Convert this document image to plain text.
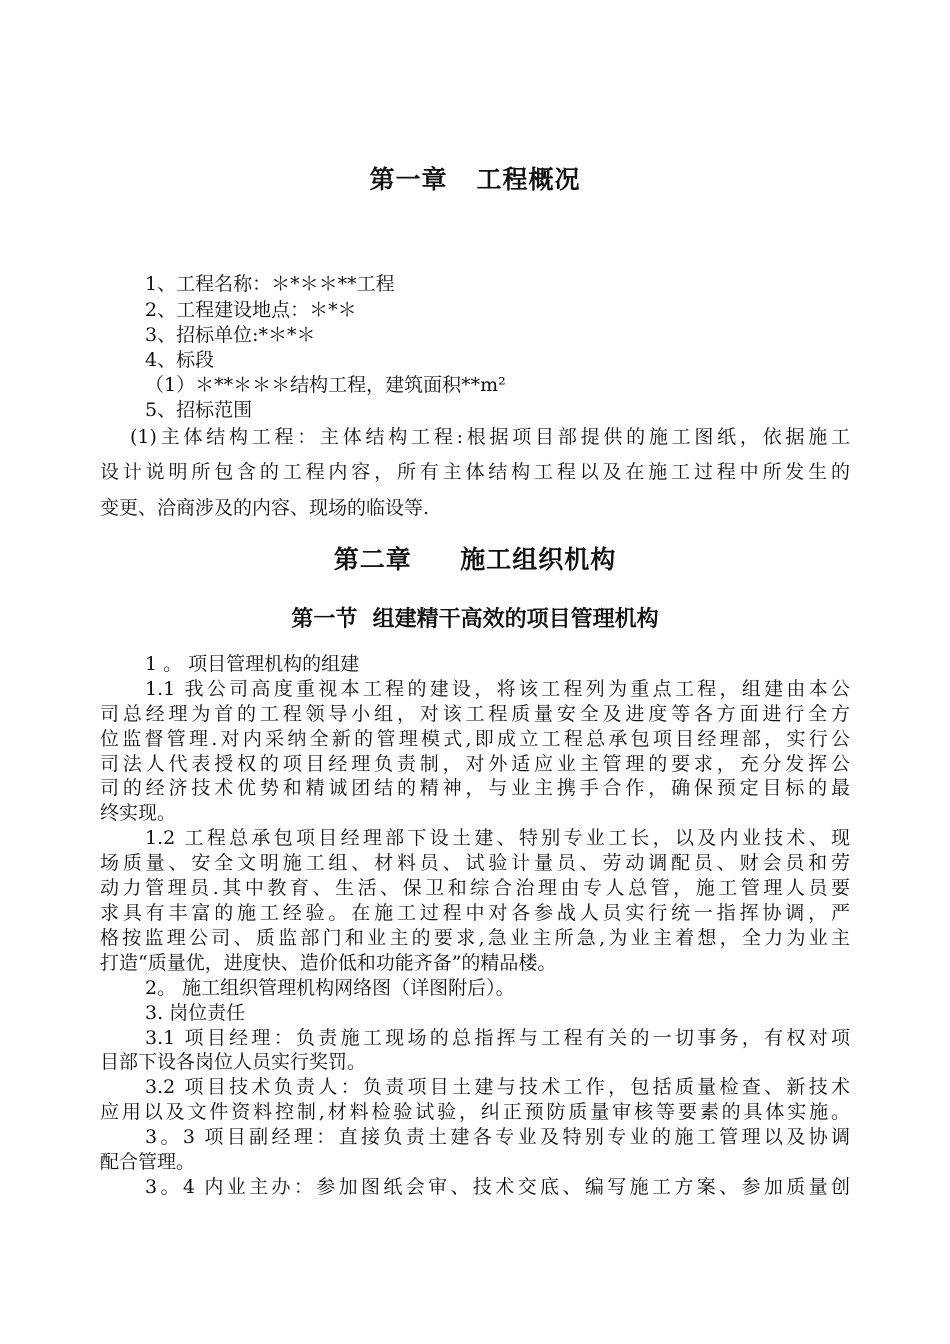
第一章   工程概况
1、工程名称：＊*＊＊**工程
2、工程建设地点：＊*＊
3、招标单位:*＊*＊
4、标段
（1）＊**＊＊＊结构工程，建筑面积**m²
5、招标范围
(1)主体结构工程：主体结构工程:根据项目部提供的施工图纸，依据施工
设计说明所包含的工程内容，所有主体结构工程以及在施工过程中所发生的
变更、洽商涉及的内容、现场的临设等.
第二章     施工组织机构
第一节  组建精干高效的项目管理机构
1 。 项目管理机构的组建
1.1 我公司高度重视本工程的建设，将该工程列为重点工程，组建由本公
司总经理为首的工程领导小组，对该工程质量安全及进度等各方面进行全方
位监督管理.对内采纳全新的管理模式,即成立工程总承包项目经理部，实行公
司法人代表授权的项目经理负责制，对外适应业主管理的要求，充分发挥公
司的经济技术优势和精诚团结的精神，与业主携手合作，确保预定目标的最
终实现。
1.2 工程总承包项目经理部下设土建、特别专业工长，以及内业技术、现
场质量、安全文明施工组、材料员、试验计量员、劳动调配员、财会员和劳
动力管理员.其中教育、生活、保卫和综合治理由专人总管，施工管理人员要
求具有丰富的施工经验。在施工过程中对各参战人员实行统一指挥协调，严
格按监理公司、质监部门和业主的要求,急业主所急,为业主着想，全力为业主
打造“质量优，进度快、造价低和功能齐备”的精品楼。
2。 施工组织管理机构网络图（详图附后）。
3. 岗位责任
3.1 项目经理：负责施工现场的总指挥与工程有关的一切事务，有权对项
目部下设各岗位人员实行奖罚。
3.2 项目技术负责人：负责项目土建与技术工作，包括质量检查、新技术
应用以及文件资料控制,材料检验试验，纠正预防质量审核等要素的具体实施。
3。3 项目副经理：直接负责土建各专业及特别专业的施工管理以及协调
配合管理。
3。4 内业主办：参加图纸会审、技术交底、编写施工方案、参加质量创
